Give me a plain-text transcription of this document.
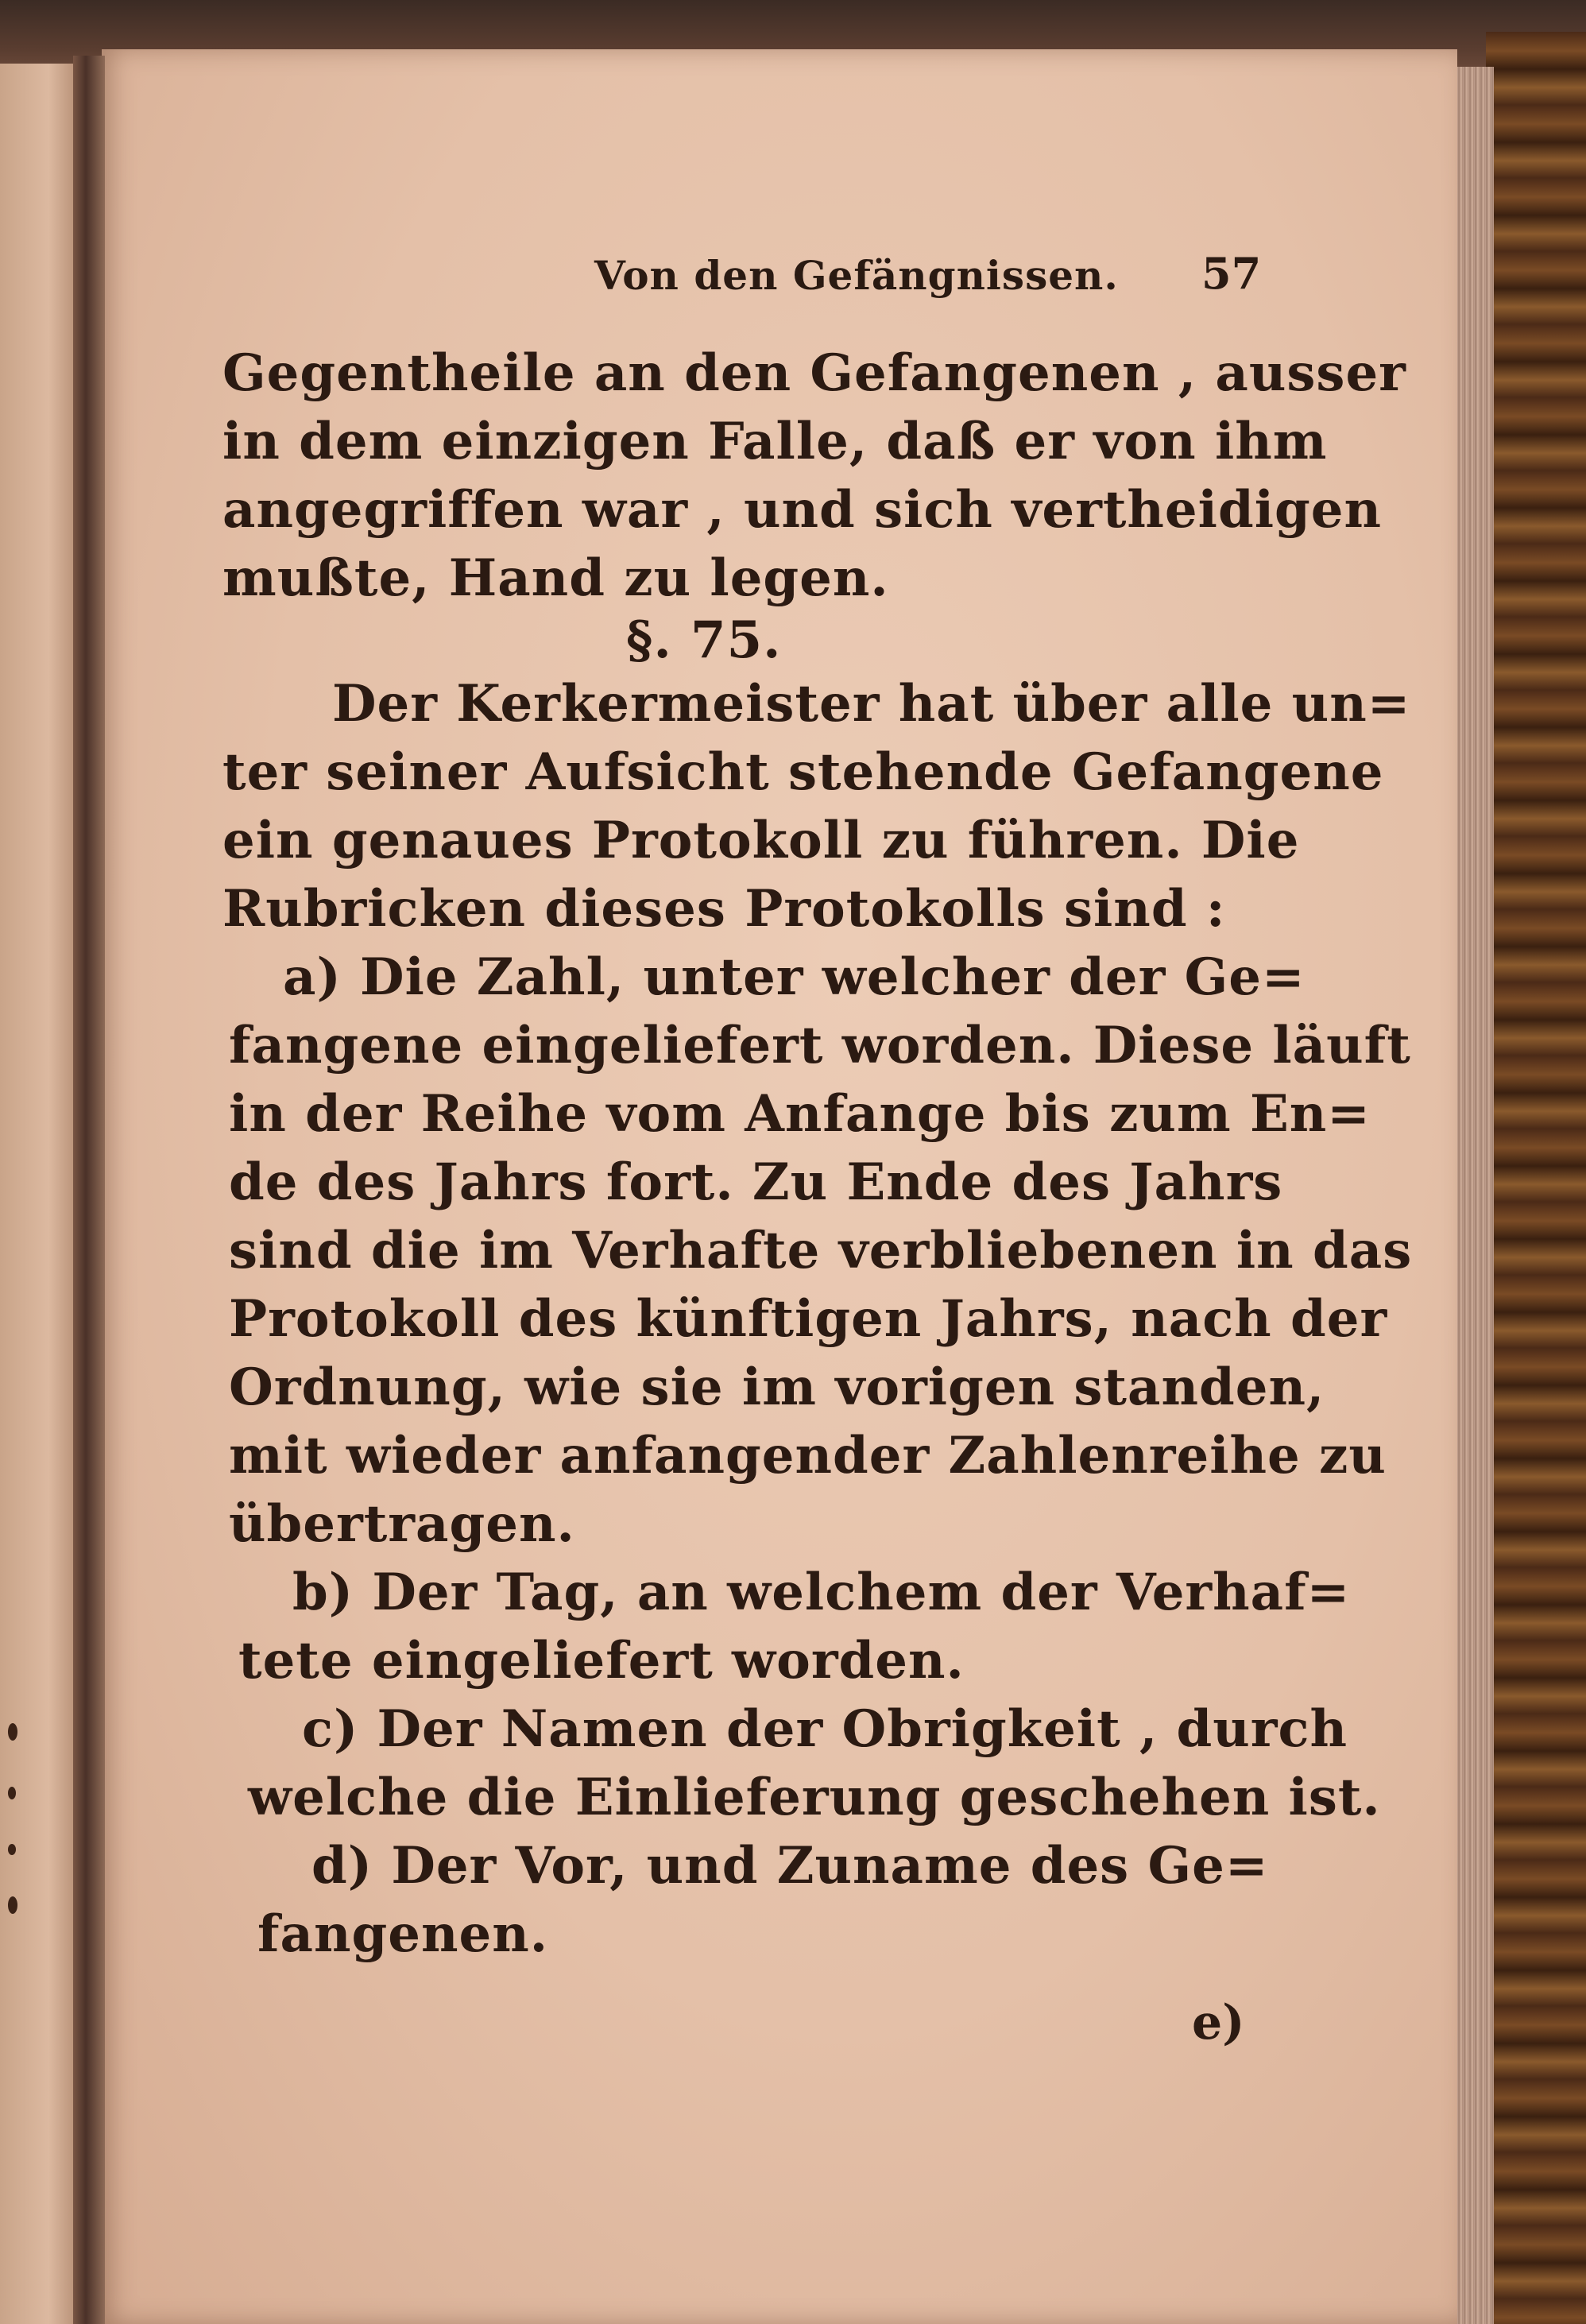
Von den Gefängnissen. 57
Gegentheile an den Gefangenen , ausser
in dem einzigen Falle, daß er von ihm
angegriffen war , und sich vertheidigen
mußte, Hand zu legen.
§. 75.
Der Kerkermeister hat über alle un=
ter seiner Aufsicht stehende Gefangene
ein genaues Protokoll zu führen. Die
Rubricken dieses Protokolls sind :
a) Die Zahl, unter welcher der Ge=
fangene eingeliefert worden. Diese läuft
in der Reihe vom Anfange bis zum En=
de des Jahrs fort. Zu Ende des Jahrs
sind die im Verhafte verbliebenen in das
Protokoll des künftigen Jahrs, nach der
Ordnung, wie sie im vorigen standen,
mit wieder anfangender Zahlenreihe zu
übertragen.
b) Der Tag, an welchem der Verhaf=
tete eingeliefert worden.
c) Der Namen der Obrigkeit , durch
welche die Einlieferung geschehen ist.
d) Der Vor, und Zuname des Ge=
fangenen.
e)
